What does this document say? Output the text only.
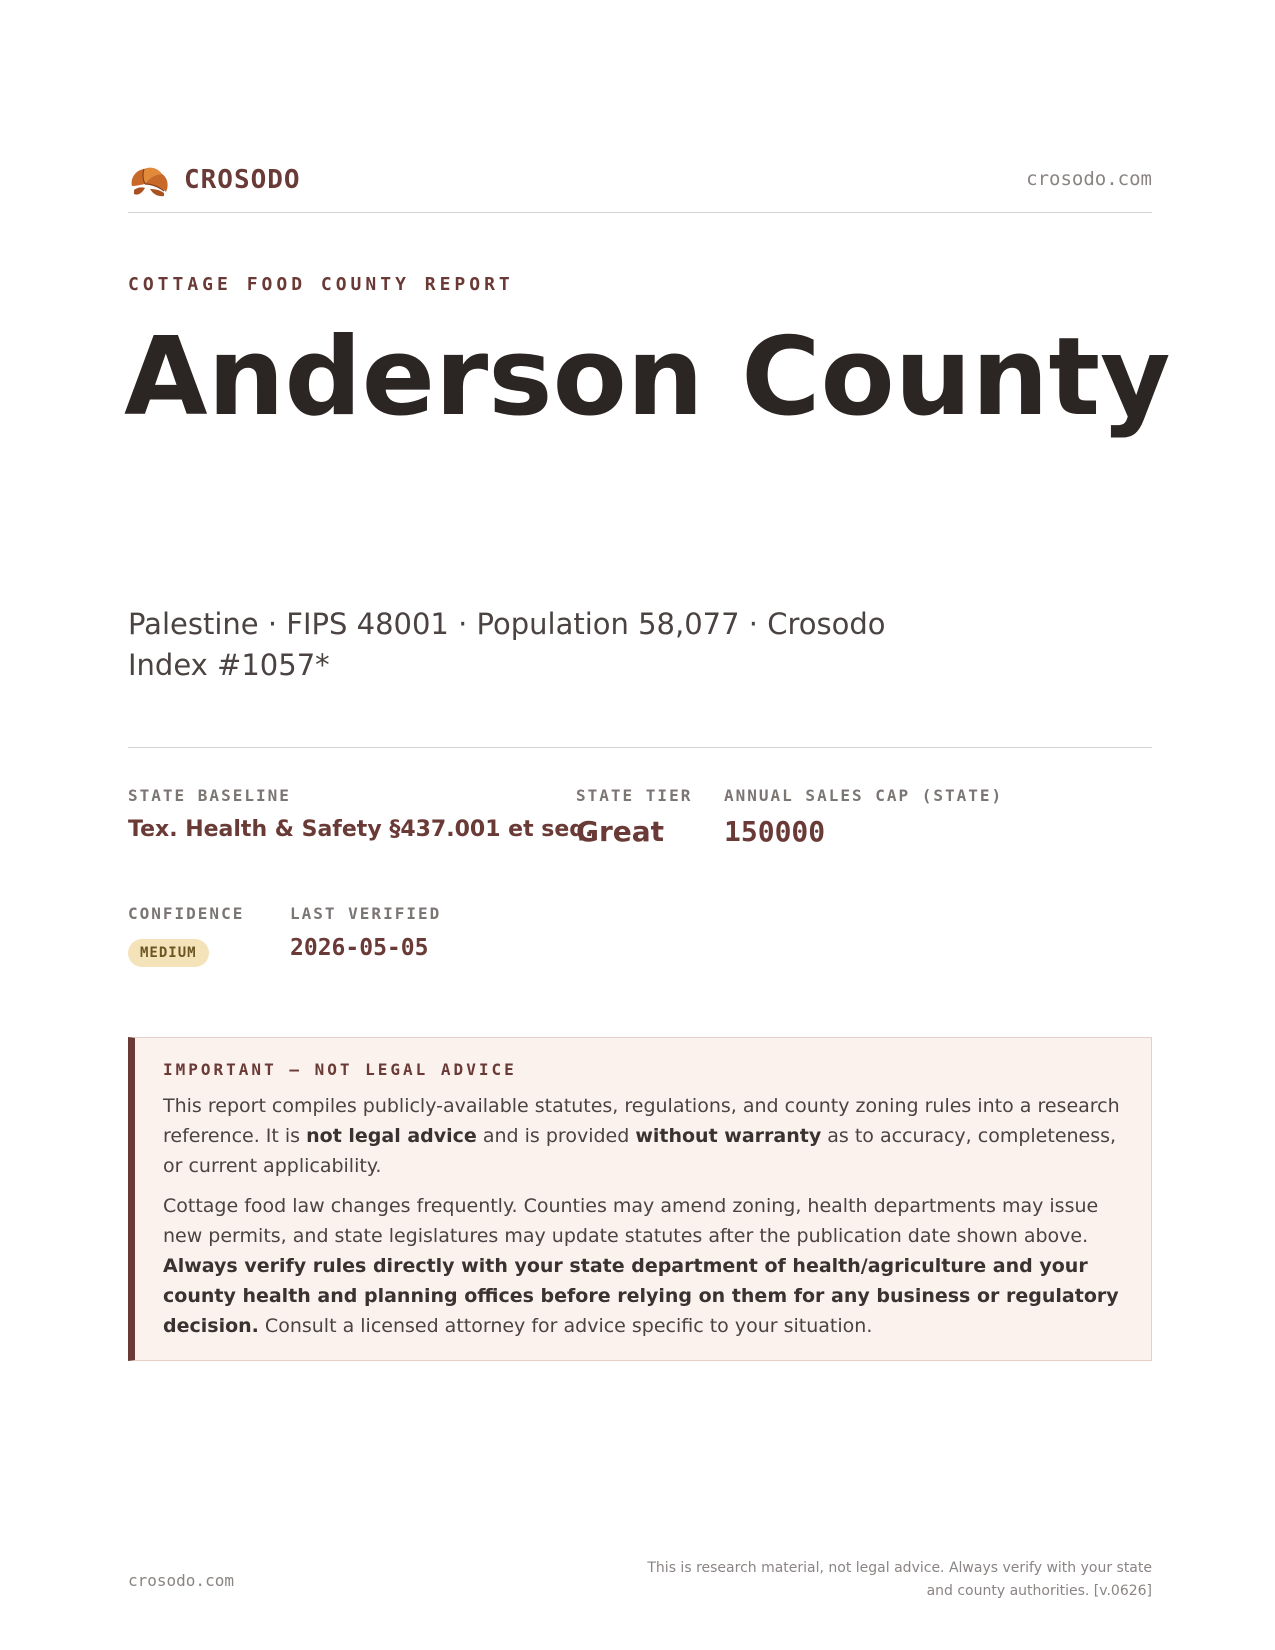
CROSODO	crosodo.com
COTTAGE FOOD COUNTY REPORT
Anderson County
Palestine · FIPS 48001 · Population 58,077 · Crosodo Index #1057*
STATE BASELINE
Tex. Health & Safety §437.001 et seq.
STATE TIER
Great
ANNUAL SALES CAP (STATE)
150000
CONFIDENCE
MEDIUM
LAST VERIFIED
2026-05-05
IMPORTANT — NOT LEGAL ADVICE

This report compiles publicly-available statutes, regulations, and county zoning rules into a research reference. It is not legal advice and is provided without warranty as to accuracy, completeness, or current applicability.

Cottage food law changes frequently. Counties may amend zoning, health departments may issue new permits, and state legislatures may update statutes after the publication date shown above. Always verify rules directly with your state department of health/agriculture and your county health and planning offices before relying on them for any business or regulatory decision. Consult a licensed attorney for advice specific to your situation.

crosodo.com
This is research material, not legal advice. Always verify with your state and county authorities. [v.0626]
